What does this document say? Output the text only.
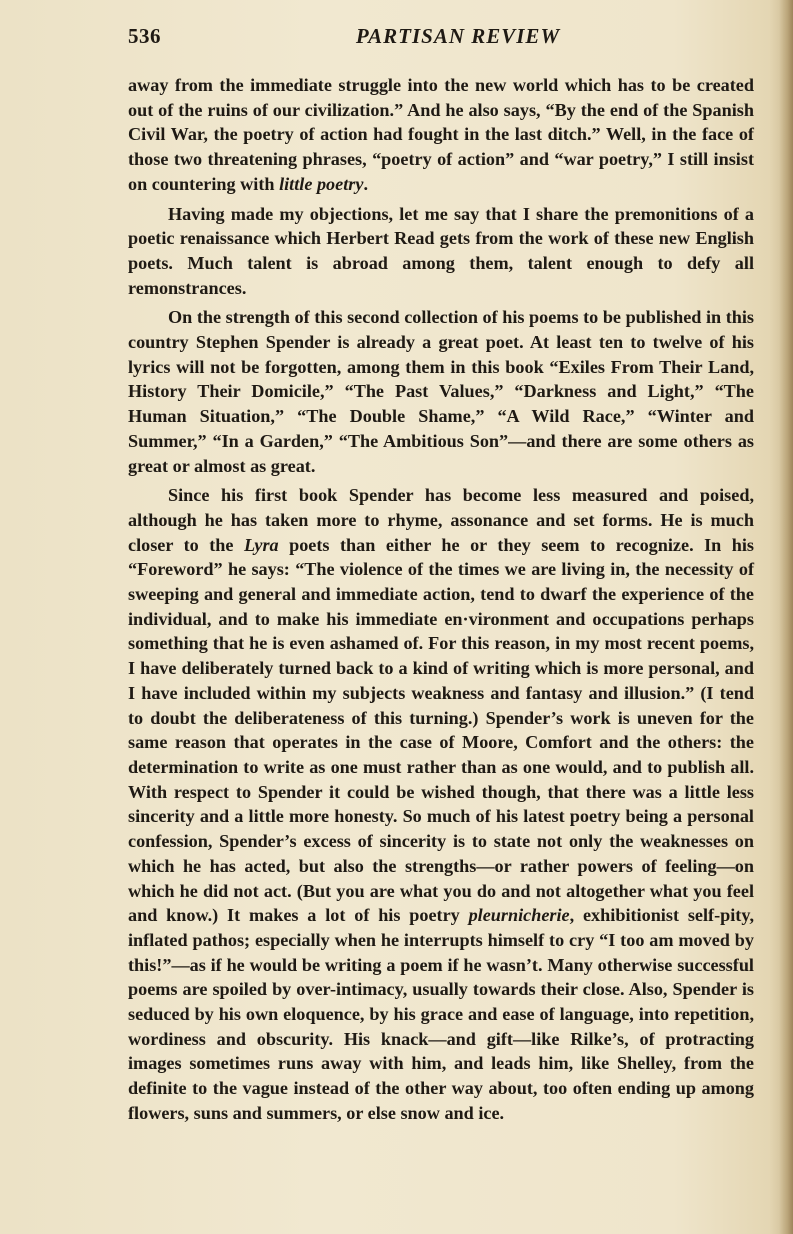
536	PARTISAN REVIEW

away from the immediate struggle into the new world which has to be created out of the ruins of our civilization.” And he also says, “By the end of the Spanish Civil War, the poetry of action had fought in the last ditch.” Well, in the face of those two threatening phrases, “poetry of action” and “war poetry,” I still insist on countering with little poetry.

Having made my objections, let me say that I share the premonitions of a poetic renaissance which Herbert Read gets from the work of these new English poets. Much talent is abroad among them, talent enough to defy all remonstrances.

On the strength of this second collection of his poems to be published in this country Stephen Spender is already a great poet. At least ten to twelve of his lyrics will not be forgotten, among them in this book “Exiles From Their Land, History Their Domicile,” “The Past Values,” “Darkness and Light,” “The Human Situation,” “The Double Shame,” “A Wild Race,” “Winter and Summer,” “In a Garden,” “The Ambitious Son”—and there are some others as great or almost as great.

Since his first book Spender has become less measured and poised, although he has taken more to rhyme, assonance and set forms. He is much closer to the Lyra poets than either he or they seem to recognize. In his “Foreword” he says: “The violence of the times we are living in, the necessity of sweeping and general and immediate action, tend to dwarf the experience of the individual, and to make his immediate en·vironment and occupations perhaps something that he is even ashamed of. For this reason, in my most recent poems, I have deliberately turned back to a kind of writing which is more personal, and I have included within my subjects weakness and fantasy and illusion.” (I tend to doubt the deliberateness of this turning.) Spender’s work is uneven for the same reason that operates in the case of Moore, Comfort and the others: the determination to write as one must rather than as one would, and to publish all. With respect to Spender it could be wished though, that there was a little less sincerity and a little more honesty. So much of his latest poetry being a personal confession, Spender’s excess of sincerity is to state not only the weaknesses on which he has acted, but also the strengths—or rather powers of feeling—on which he did not act. (But you are what you do and not altogether what you feel and know.) It makes a lot of his poetry pleurnicherie, exhibitionist self-pity, inflated pathos; especially when he interrupts himself to cry “I too am moved by this!”—as if he would be writing a poem if he wasn’t. Many otherwise successful poems are spoiled by over-intimacy, usually towards their close. Also, Spender is seduced by his own eloquence, by his grace and ease of language, into repetition, wordiness and obscurity. His knack—and gift—like Rilke’s, of protracting images sometimes runs away with him, and leads him, like Shelley, from the definite to the vague instead of the other way about, too often ending up among flowers, suns and summers, or else snow and ice.
